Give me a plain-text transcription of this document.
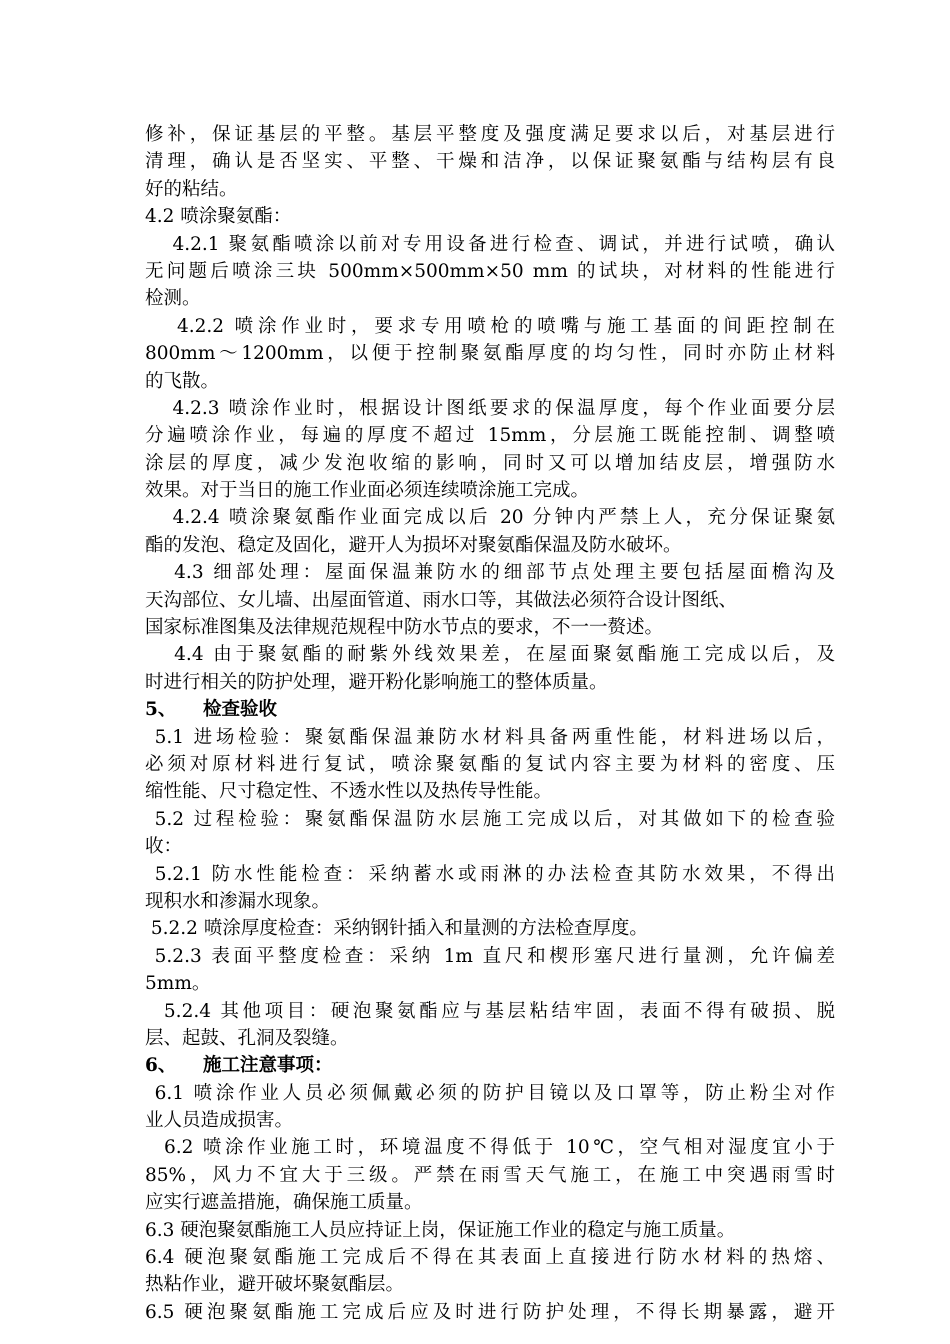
修补，保证基层的平整。基层平整度及强度满足要求以后，对基层进行
清理，确认是否坚实、平整、干燥和洁净，以保证聚氨酯与结构层有良
好的粘结。
4.2 喷涂聚氨酯：
4.2.1 聚氨酯喷涂以前对专用设备进行检查、调试，并进行试喷，确认
无问题后喷涂三块 500mm×500mm×50 mm 的试块，对材料的性能进行
检测。
4.2.2 喷涂作业时，要求专用喷枪的喷嘴与施工基面的间距控制在
800mm～1200mm，以便于控制聚氨酯厚度的均匀性，同时亦防止材料
的飞散。
4.2.3 喷涂作业时，根据设计图纸要求的保温厚度，每个作业面要分层
分遍喷涂作业，每遍的厚度不超过 15mm，分层施工既能控制、调整喷
涂层的厚度，减少发泡收缩的影响，同时又可以增加结皮层，增强防水
效果。对于当日的施工作业面必须连续喷涂施工完成。
4.2.4 喷涂聚氨酯作业面完成以后 20 分钟内严禁上人，充分保证聚氨
酯的发泡、稳定及固化，避开人为损坏对聚氨酯保温及防水破坏。
4.3 细部处理：屋面保温兼防水的细部节点处理主要包括屋面檐沟及
天沟部位、女儿墙、出屋面管道、雨水口等，其做法必须符合设计图纸、
国家标准图集及法律规范规程中防水节点的要求，不一一赘述。
4.4 由于聚氨酯的耐紫外线效果差，在屋面聚氨酯施工完成以后，及
时进行相关的防护处理，避开粉化影响施工的整体质量。
5、 检查验收
5.1 进场检验：聚氨酯保温兼防水材料具备两重性能，材料进场以后，
必须对原材料进行复试，喷涂聚氨酯的复试内容主要为材料的密度、压
缩性能、尺寸稳定性、不透水性以及热传导性能。
5.2 过程检验：聚氨酯保温防水层施工完成以后，对其做如下的检查验
收：
5.2.1 防水性能检查：采纳蓄水或雨淋的办法检查其防水效果，不得出
现积水和渗漏水现象。
5.2.2 喷涂厚度检查：采纳钢针插入和量测的方法检查厚度。
5.2.3 表面平整度检查：采纳 1m 直尺和楔形塞尺进行量测，允许偏差
5mm。
5.2.4 其他项目：硬泡聚氨酯应与基层粘结牢固，表面不得有破损、脱
层、起鼓、孔洞及裂缝。
6、 施工注意事项：
6.1 喷涂作业人员必须佩戴必须的防护目镜以及口罩等，防止粉尘对作
业人员造成损害。
6.2 喷涂作业施工时，环境温度不得低于 10℃，空气相对湿度宜小于
85%，风力不宜大于三级。严禁在雨雪天气施工，在施工中突遇雨雪时
应实行遮盖措施，确保施工质量。
6.3 硬泡聚氨酯施工人员应持证上岗，保证施工作业的稳定与施工质量。
6.4 硬泡聚氨酯施工完成后不得在其表面上直接进行防水材料的热熔、
热粘作业，避开破坏聚氨酯层。
6.5 硬泡聚氨酯施工完成后应及时进行防护处理，不得长期暴露，避开
